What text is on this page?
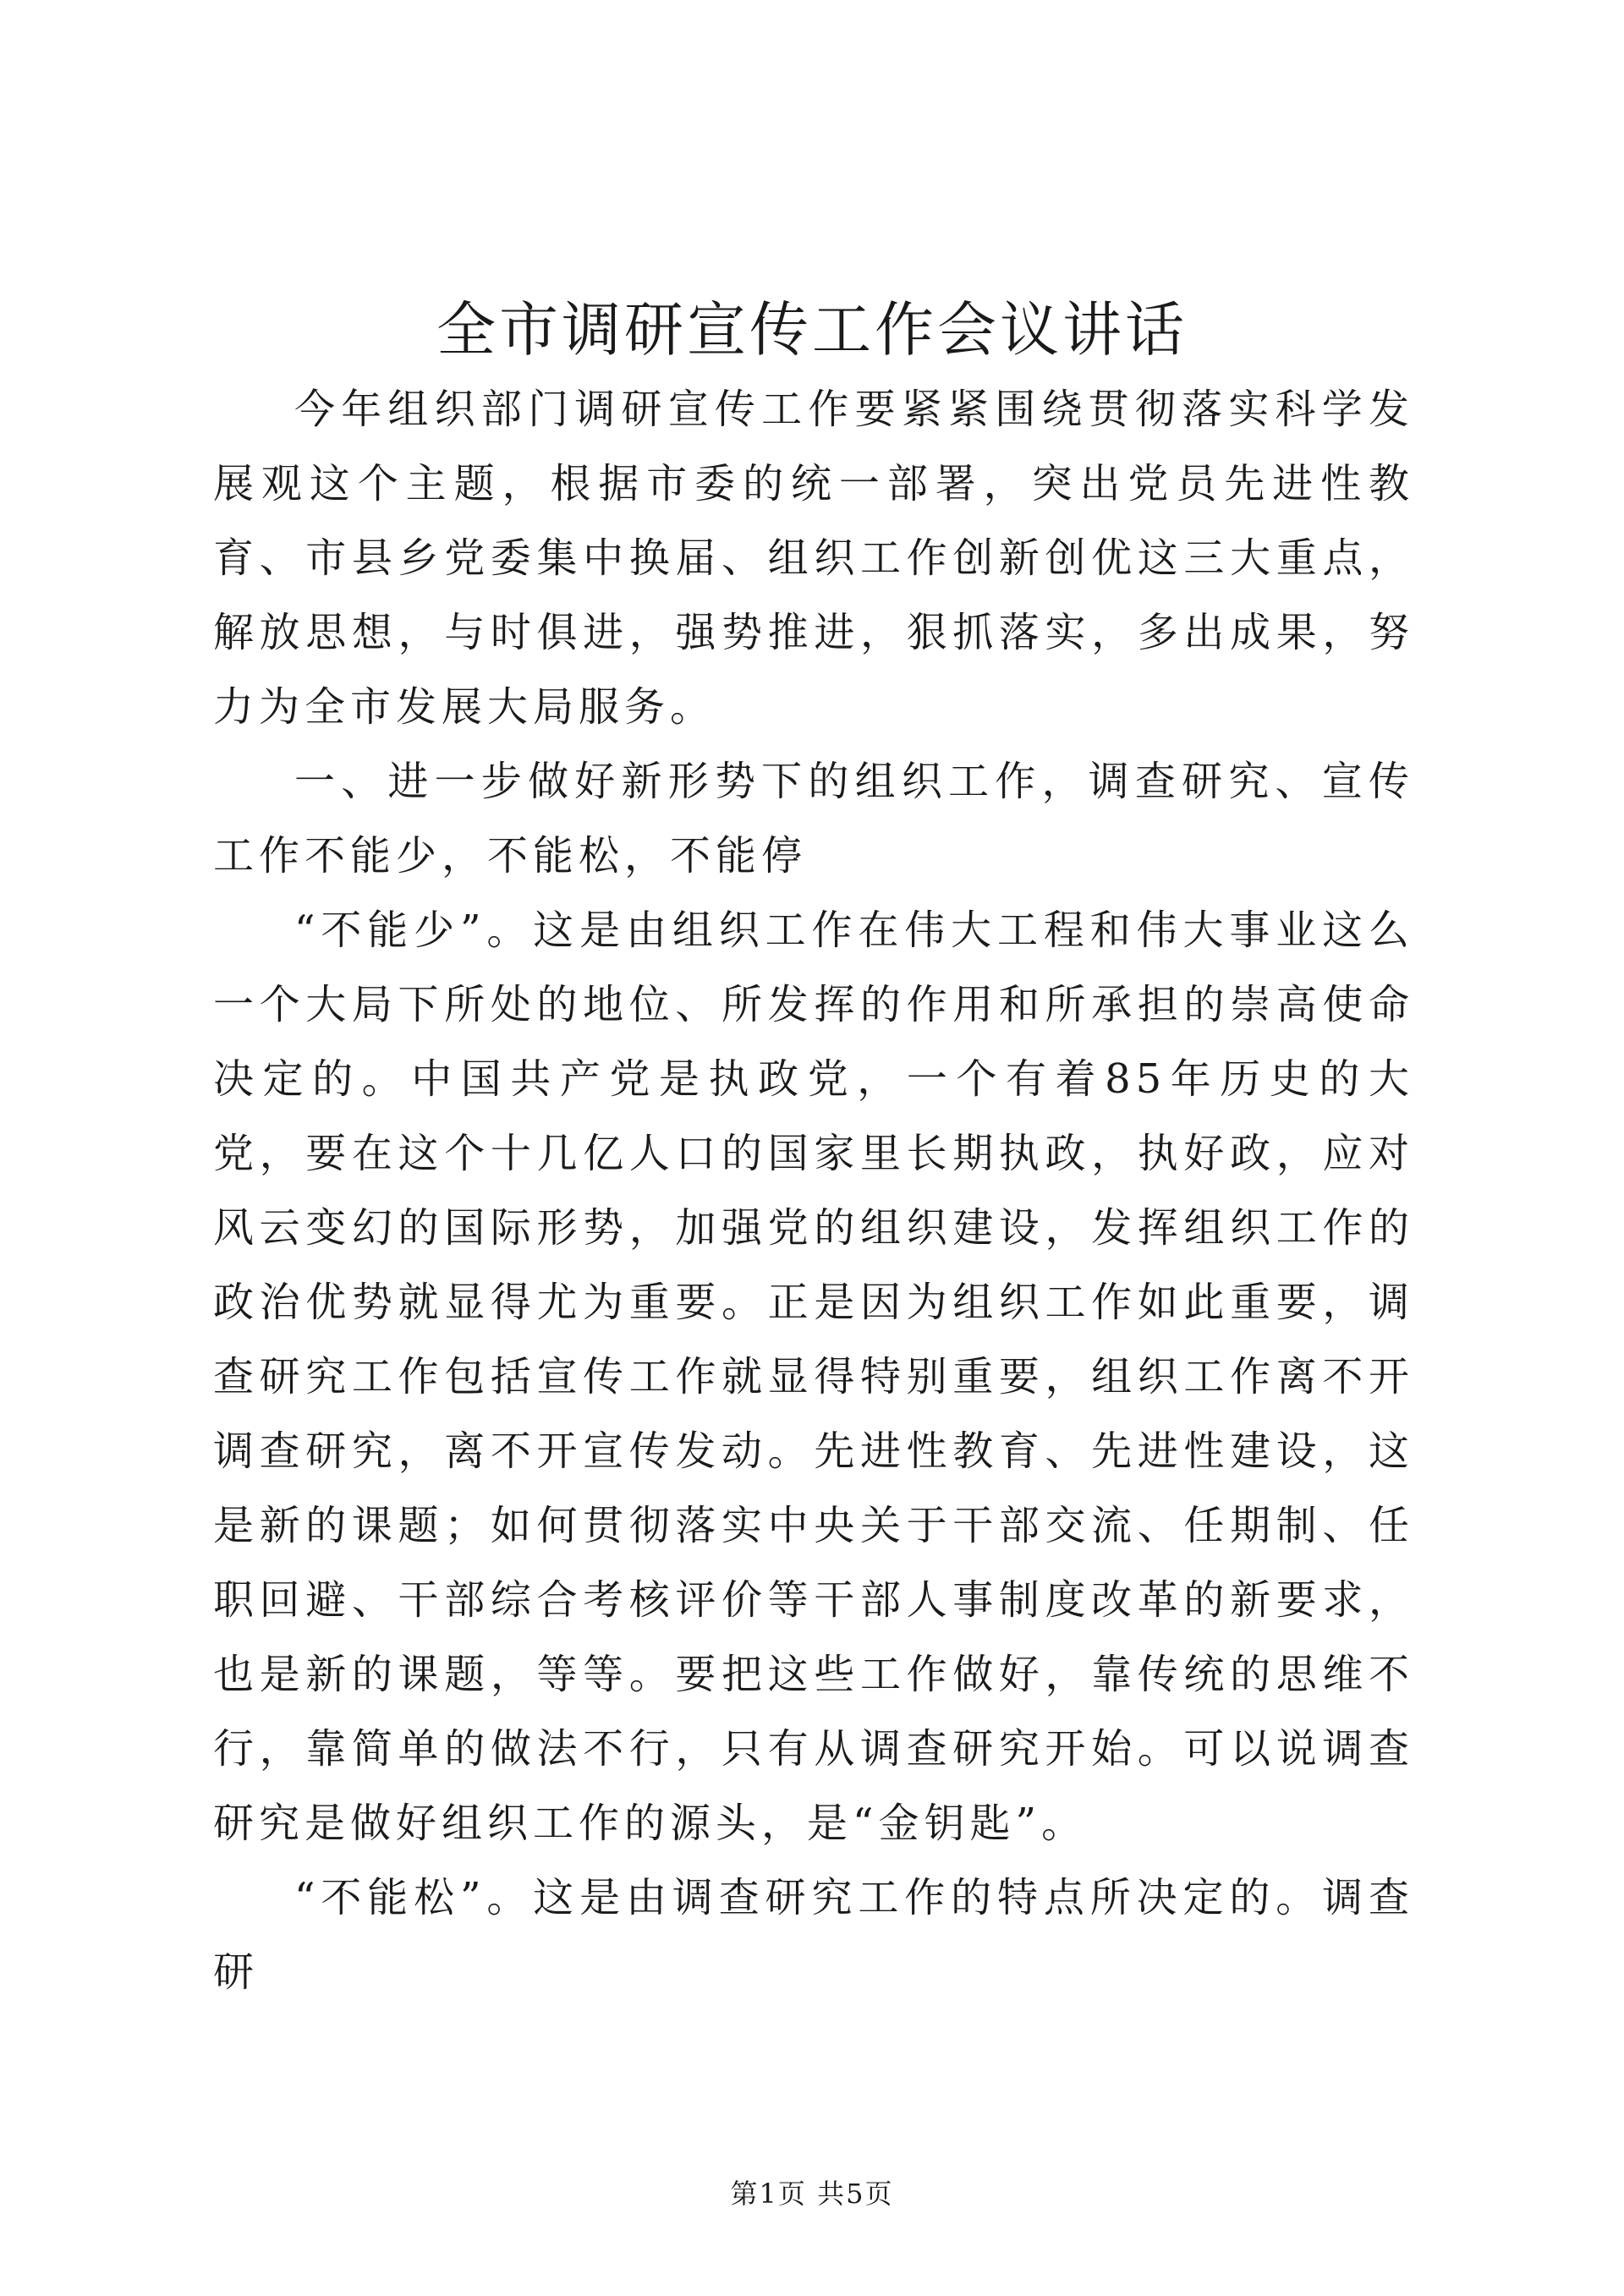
全市调研宣传工作会议讲话

今年组织部门调研宣传工作要紧紧围绕贯彻落实科学发展观这个主题，根据市委的统一部署，突出党员先进性教育、市县乡党委集中换届、组织工作创新创优这三大重点，解放思想，与时俱进，强势推进，狠抓落实，多出成果，努力为全市发展大局服务。

一、进一步做好新形势下的组织工作，调查研究、宣传工作不能少，不能松，不能停

“不能少”。这是由组织工作在伟大工程和伟大事业这么一个大局下所处的地位、所发挥的作用和所承担的崇高使命决定的。中国共产党是执政党，一个有着85年历史的大党，要在这个十几亿人口的国家里长期执政，执好政，应对风云变幻的国际形势，加强党的组织建设，发挥组织工作的政治优势就显得尤为重要。正是因为组织工作如此重要，调查研究工作包括宣传工作就显得特别重要，组织工作离不开调查研究，离不开宣传发动。先进性教育、先进性建设，这是新的课题；如何贯彻落实中央关于干部交流、任期制、任职回避、干部综合考核评价等干部人事制度改革的新要求，也是新的课题，等等。要把这些工作做好，靠传统的思维不行，靠简单的做法不行，只有从调查研究开始。可以说调查研究是做好组织工作的源头，是“金钥匙”。

“不能松”。这是由调查研究工作的特点所决定的。调查研

第1页 共5页
